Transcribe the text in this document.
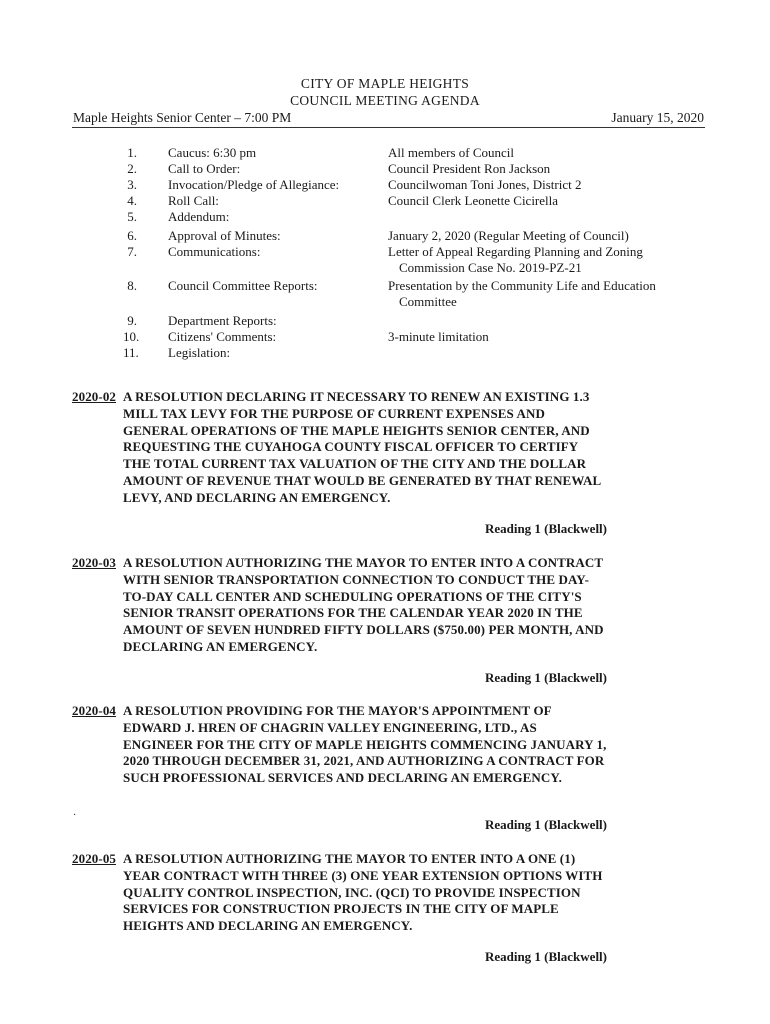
CITY OF MAPLE HEIGHTS
COUNCIL MEETING AGENDA
Maple Heights Senior Center – 7:00 PM	January 15, 2020
1. Caucus: 6:30 pm	All members of Council
2. Call to Order:	Council President Ron Jackson
3. Invocation/Pledge of Allegiance:	Councilwoman Toni Jones, District 2
4. Roll Call:	Council Clerk Leonette Cicirella
5. Addendum:
6. Approval of Minutes:	January 2, 2020 (Regular Meeting of Council)
7. Communications:	Letter of Appeal Regarding Planning and Zoning
Commission Case No. 2019-PZ-21
8. Council Committee Reports:	Presentation by the Community Life and Education
Committee
9. Department Reports:
10. Citizens' Comments:	3-minute limitation
11. Legislation:
2020-02 A RESOLUTION DECLARING IT NECESSARY TO RENEW AN EXISTING 1.3 MILL TAX LEVY FOR THE PURPOSE OF CURRENT EXPENSES AND GENERAL OPERATIONS OF THE MAPLE HEIGHTS SENIOR CENTER, AND REQUESTING THE CUYAHOGA COUNTY FISCAL OFFICER TO CERTIFY THE TOTAL CURRENT TAX VALUATION OF THE CITY AND THE DOLLAR AMOUNT OF REVENUE THAT WOULD BE GENERATED BY THAT RENEWAL LEVY, AND DECLARING AN EMERGENCY.
Reading 1 (Blackwell)
2020-03 A RESOLUTION AUTHORIZING THE MAYOR TO ENTER INTO A CONTRACT WITH SENIOR TRANSPORTATION CONNECTION TO CONDUCT THE DAY-TO-DAY CALL CENTER AND SCHEDULING OPERATIONS OF THE CITY'S SENIOR TRANSIT OPERATIONS FOR THE CALENDAR YEAR 2020 IN THE AMOUNT OF SEVEN HUNDRED FIFTY DOLLARS ($750.00) PER MONTH, AND DECLARING AN EMERGENCY.
Reading 1 (Blackwell)
2020-04 A RESOLUTION PROVIDING FOR THE MAYOR'S APPOINTMENT OF EDWARD J. HREN OF CHAGRIN VALLEY ENGINEERING, LTD., AS ENGINEER FOR THE CITY OF MAPLE HEIGHTS COMMENCING JANUARY 1, 2020 THROUGH DECEMBER 31, 2021, AND AUTHORIZING A CONTRACT FOR SUCH PROFESSIONAL SERVICES AND DECLARING AN EMERGENCY.
·
Reading 1 (Blackwell)
2020-05 A RESOLUTION AUTHORIZING THE MAYOR TO ENTER INTO A ONE (1) YEAR CONTRACT WITH THREE (3) ONE YEAR EXTENSION OPTIONS WITH QUALITY CONTROL INSPECTION, INC. (QCI) TO PROVIDE INSPECTION SERVICES FOR CONSTRUCTION PROJECTS IN THE CITY OF MAPLE HEIGHTS AND DECLARING AN EMERGENCY.
Reading 1 (Blackwell)
